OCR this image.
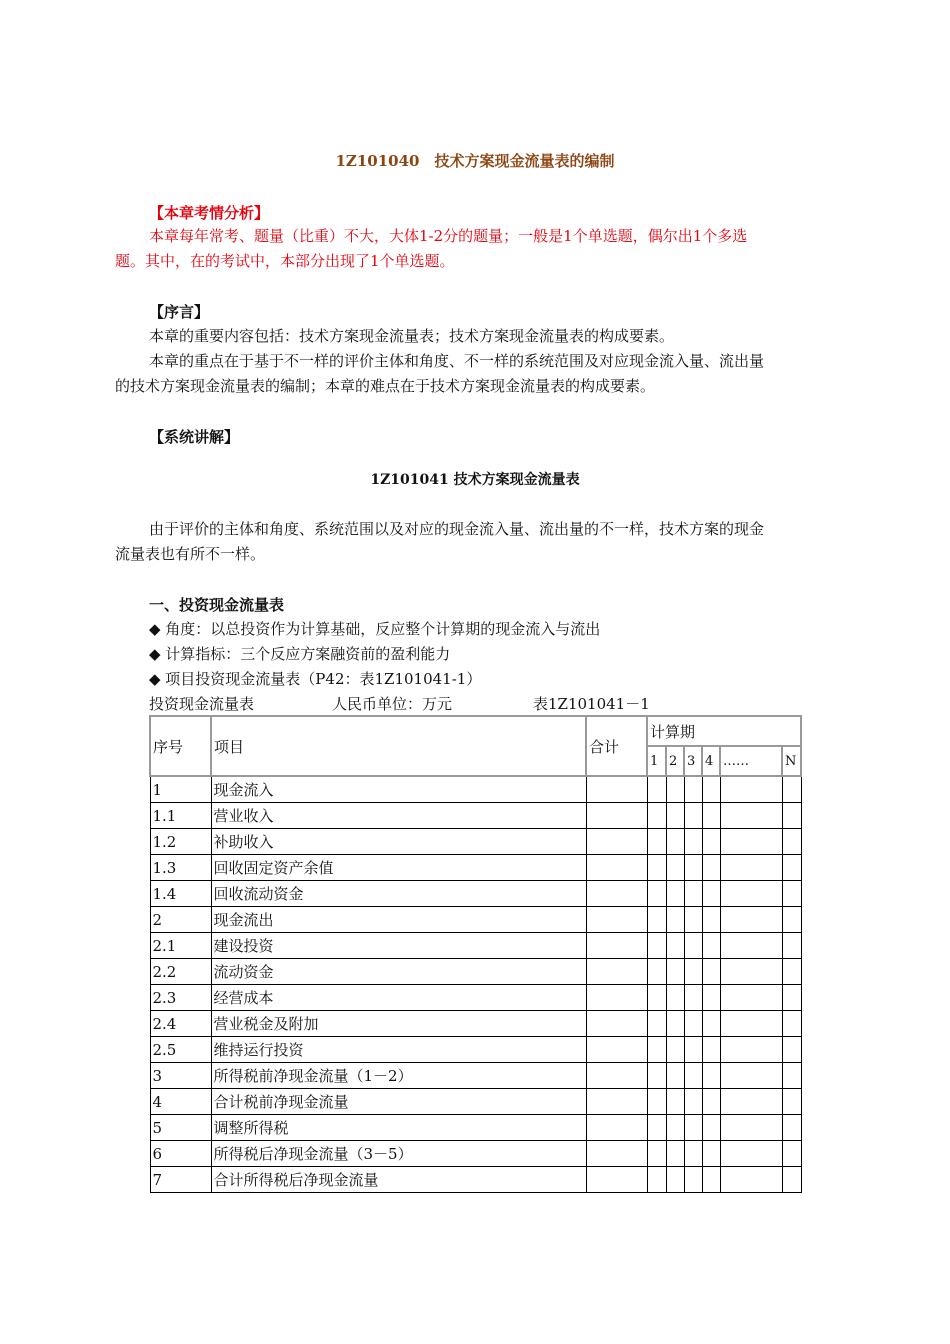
1Z101040　技术方案现金流量表的编制
【本章考情分析】
本章每年常考、题量（比重）不大，大体1-2分的题量；一般是1个单选题，偶尔出1个多选
题。其中，在的考试中，本部分出现了1个单选题。
【序言】
本章的重要内容包括：技术方案现金流量表；技术方案现金流量表的构成要素。
本章的重点在于基于不一样的评价主体和角度、不一样的系统范围及对应现金流入量、流出量
的技术方案现金流量表的编制；本章的难点在于技术方案现金流量表的构成要素。
【系统讲解】
1Z101041 技术方案现金流量表
由于评价的主体和角度、系统范围以及对应的现金流入量、流出量的不一样，技术方案的现金
流量表也有所不一样。
一、投资现金流量表
◆ 角度：以总投资作为计算基础，反应整个计算期的现金流入与流出
◆ 计算指标：三个反应方案融资前的盈利能力
◆ 项目投资现金流量表（P42：表1Z101041-1）
投资现金流量表	人民币单位：万元	表1Z101041－1
序号	项目	合计	计算期					
			1	2	3	4	……	N
1	现金流入							
1.1	营业收入							
1.2	补助收入							
1.3	回收固定资产余值							
1.4	回收流动资金							
2	现金流出							
2.1	建设投资							
2.2	流动资金							
2.3	经营成本							
2.4	营业税金及附加							
2.5	维持运行投资							
3	所得税前净现金流量（1－2）							
4	合计税前净现金流量							
5	调整所得税							
6	所得税后净现金流量（3－5）							
7	合计所得税后净现金流量							
